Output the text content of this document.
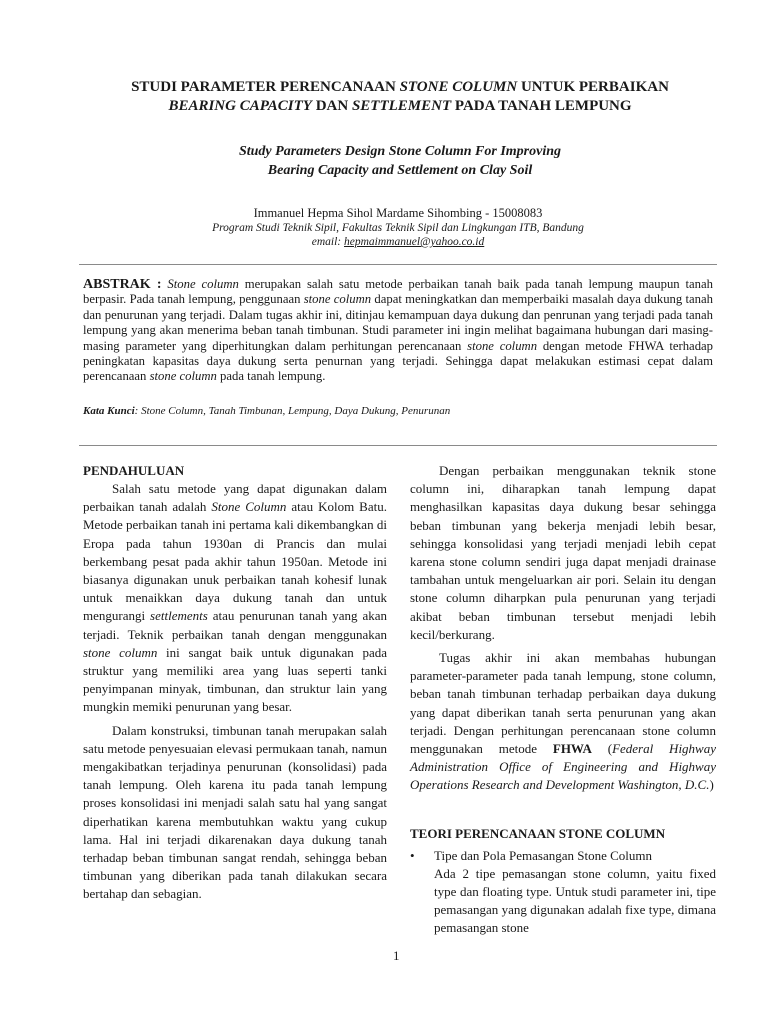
STUDI PARAMETER PERENCANAAN STONE COLUMN UNTUK PERBAIKAN
BEARING CAPACITY DAN SETTLEMENT PADA TANAH LEMPUNG
Study Parameters Design Stone Column For Improving
Bearing Capacity and Settlement on Clay Soil
Immanuel Hepma Sihol Mardame Sihombing - 15008083
Program Studi Teknik Sipil, Fakultas Teknik Sipil dan Lingkungan ITB, Bandung
email: hepmaimmanuel@yahoo.co.id
ABSTRAK : Stone column merupakan salah satu metode perbaikan tanah baik pada tanah lempung maupun tanah berpasir. Pada tanah lempung, penggunaan stone column dapat meningkatkan dan memperbaiki masalah daya dukung tanah dan penurunan yang terjadi. Dalam tugas akhir ini, ditinjau kemampuan daya dukung dan penrunan yang terjadi pada tanah lempung yang akan menerima beban tanah timbunan. Studi parameter ini ingin melihat bagaimana hubungan dari masing-masing parameter yang diperhitungkan dalam perhitungan perencanaan stone column dengan metode FHWA terhadap peningkatan kapasitas daya dukung serta penurnan yang terjadi. Sehingga dapat melakukan estimasi cepat dalam perencanaan stone column pada tanah lempung.
Kata Kunci: Stone Column, Tanah Timbunan, Lempung, Daya Dukung, Penurunan
PENDAHULUAN

Salah satu metode yang dapat digunakan dalam perbaikan tanah adalah Stone Column atau Kolom Batu. Metode perbaikan tanah ini pertama kali dikembangkan di Eropa pada tahun 1930an di Prancis dan mulai berkembang pesat pada akhir tahun 1950an. Metode ini biasanya digunakan unuk perbaikan tanah kohesif lunak untuk menaikkan daya dukung tanah dan untuk mengurangi settlements atau penurunan tanah yang akan terjadi. Teknik perbaikan tanah dengan menggunakan stone column ini sangat baik untuk digunakan pada struktur yang memiliki area yang luas seperti tanki penyimpanan minyak, timbunan, dan struktur lain yang mungkin memiki penurunan yang besar.

Dalam konstruksi, timbunan tanah merupakan salah satu metode penyesuaian elevasi permukaan tanah, namun mengakibatkan terjadinya penurunan (konsolidasi) pada tanah lempung. Oleh karena itu pada tanah lempung proses konsolidasi ini menjadi salah satu hal yang sangat diperhatikan karena membutuhkan waktu yang cukup lama. Hal ini terjadi dikarenakan daya dukung tanah terhadap beban timbunan sangat rendah, sehingga beban timbunan yang diberikan pada tanah dilakukan secara bertahap dan sebagian.

Dengan perbaikan menggunakan teknik stone column ini, diharapkan tanah lempung dapat menghasilkan kapasitas daya dukung besar sehingga beban timbunan yang bekerja menjadi lebih besar, sehingga konsolidasi yang terjadi menjadi lebih cepat karena stone column sendiri juga dapat menjadi drainase tambahan untuk mengeluarkan air pori. Selain itu dengan stone column diharpkan pula penurunan yang terjadi akibat beban timbunan tersebut menjadi lebih kecil/berkurang.

Tugas akhir ini akan membahas hubungan parameter-parameter pada tanah lempung, stone column, beban tanah timbunan terhadap perbaikan daya dukung yang dapat diberikan tanah serta penurunan yang akan terjadi. Dengan perhitungan perencanaan stone column menggunakan metode FHWA (Federal Highway Administration Office of Engineering and Highway Operations Research and Development Washington, D.C.)

TEORI PERENCANAAN STONE COLUMN
•	Tipe dan Pola Pemasangan Stone Column

Ada 2 tipe pemasangan stone column, yaitu fixed type dan floating type. Untuk studi parameter ini, tipe pemasangan yang digunakan adalah fixe type, dimana pemasangan stone

1
